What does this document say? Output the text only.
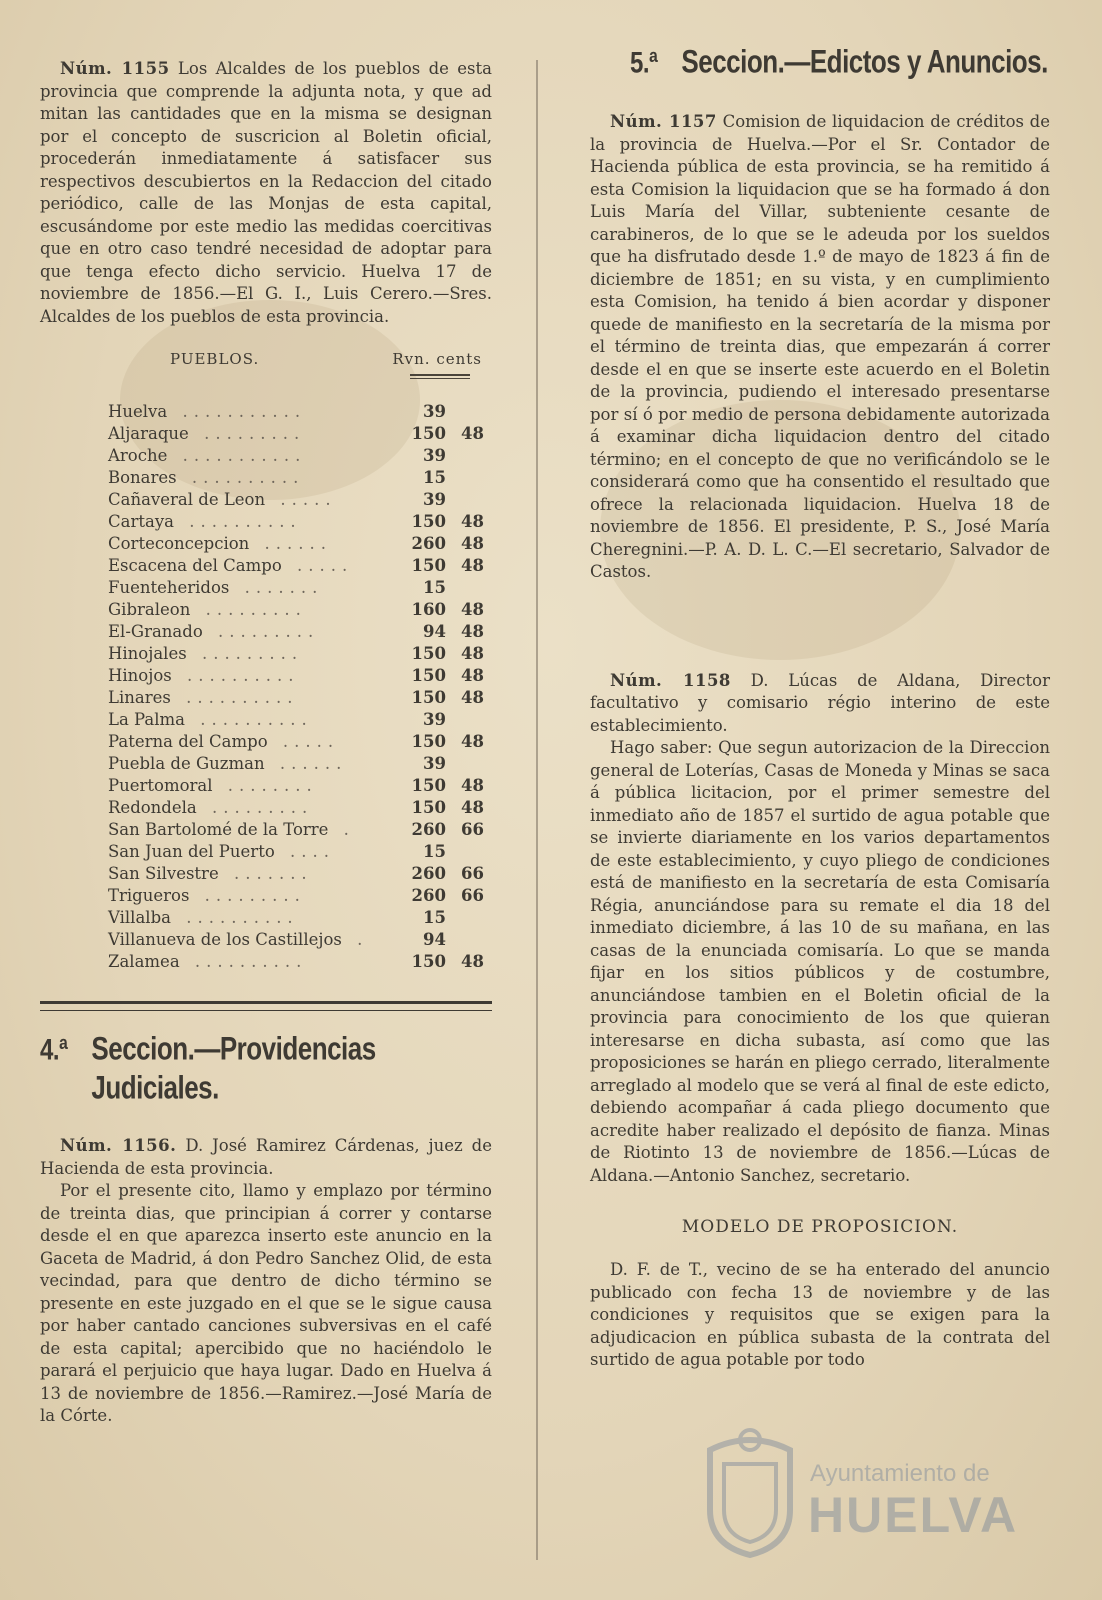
Núm. 1155 Los Alcaldes de los pueblos de esta provincia que comprende la adjunta nota, y que ad mitan las cantidades que en la misma se designan por el concepto de suscricion al Boletin oficial, procederán inmediatamente á satisfacer sus respectivos descubiertos en la Redaccion del citado periódico, calle de las Monjas de esta capital, escusándome por este medio las medidas coercitivas que en otro caso tendré necesidad de adoptar para que tenga efecto dicho servicio. Huelva 17 de noviembre de 1856.—El G. I., Luis Cerero.—Sres. Alcaldes de los pueblos de esta provincia.

PUEBLOS.	Rvn. cents
Huelva ...........	39	
Aljaraque .........	150	48
Aroche ...........	39	
Bonares ..........	15	
Cañaveral de Leon .....	39	
Cartaya ..........	150	48
Corteconcepcion ......	260	48
Escacena del Campo .....	150	48
Fuenteheridos .......	15	
Gibraleon .........	160	48
El-Granado .........	94	48
Hinojales .........	150	48
Hinojos ..........	150	48
Linares ..........	150	48
La Palma ..........	39	
Paterna del Campo .....	150	48
Puebla de Guzman ......	39	
Puertomoral ........	150	48
Redondela .........	150	48
San Bartolomé de la Torre .	260	66
San Juan del Puerto ....	15	
San Silvestre .......	260	66
Trigueros .........	260	66
Villalba ..........	15	
Villanueva de los Castillejos .	94	
Zalamea ..........	150	48
4.ª Seccion.—Providencias Judiciales.

Núm. 1156. D. José Ramirez Cárdenas, juez de Hacienda de esta provincia.

Por el presente cito, llamo y emplazo por término de treinta dias, que principian á correr y contarse desde el en que aparezca inserto este anuncio en la Gaceta de Madrid, á don Pedro Sanchez Olid, de esta vecindad, para que dentro de dicho término se presente en este juzgado en el que se le sigue causa por haber cantado canciones subversivas en el café de esta capital; apercibido que no haciéndolo le parará el perjuicio que haya lugar. Dado en Huelva á 13 de noviembre de 1856.—Ramirez.—José María de la Córte.

5.ª Seccion.—Edictos y Anuncios.

Núm. 1157 Comision de liquidacion de créditos de la provincia de Huelva.—Por el Sr. Contador de Hacienda pública de esta provincia, se ha remitido á esta Comision la liquidacion que se ha formado á don Luis María del Villar, subteniente cesante de carabineros, de lo que se le adeuda por los sueldos que ha disfrutado desde 1.º de mayo de 1823 á fin de diciembre de 1851; en su vista, y en cumplimiento esta Comision, ha tenido á bien acordar y disponer quede de manifiesto en la secretaría de la misma por el término de treinta dias, que empezarán á correr desde el en que se inserte este acuerdo en el Boletin de la provincia, pudiendo el interesado presentarse por sí ó por medio de persona debidamente autorizada á examinar dicha liquidacion dentro del citado término; en el concepto de que no verificándolo se le considerará como que ha consentido el resultado que ofrece la relacionada liquidacion. Huelva 18 de noviembre de 1856. El presidente, P. S., José María Cheregnini.—P. A. D. L. C.—El secretario, Salvador de Castos.

Núm. 1158 D. Lúcas de Aldana, Director facultativo y comisario régio interino de este establecimiento.

Hago saber: Que segun autorizacion de la Direccion general de Loterías, Casas de Moneda y Minas se saca á pública licitacion, por el primer semestre del inmediato año de 1857 el surtido de agua potable que se invierte diariamente en los varios departamentos de este establecimiento, y cuyo pliego de condiciones está de manifiesto en la secretaría de esta Comisaría Régia, anunciándose para su remate el dia 18 del inmediato diciembre, á las 10 de su mañana, en las casas de la enunciada comisaría. Lo que se manda fijar en los sitios públicos y de costumbre, anunciándose tambien en el Boletin oficial de la provincia para conocimiento de los que quieran interesarse en dicha subasta, así como que las proposiciones se harán en pliego cerrado, literalmente arreglado al modelo que se verá al final de este edicto, debiendo acompañar á cada pliego documento que acredite haber realizado el depósito de fianza. Minas de Riotinto 13 de noviembre de 1856.—Lúcas de Aldana.—Antonio Sanchez, secretario.

MODELO DE PROPOSICION.

D. F. de T., vecino de se ha enterado del anuncio publicado con fecha 13 de noviembre y de las condiciones y requisitos que se exigen para la adjudicacion en pública subasta de la contrata del surtido de agua potable por todo

Ayuntamiento de
HUELVA
